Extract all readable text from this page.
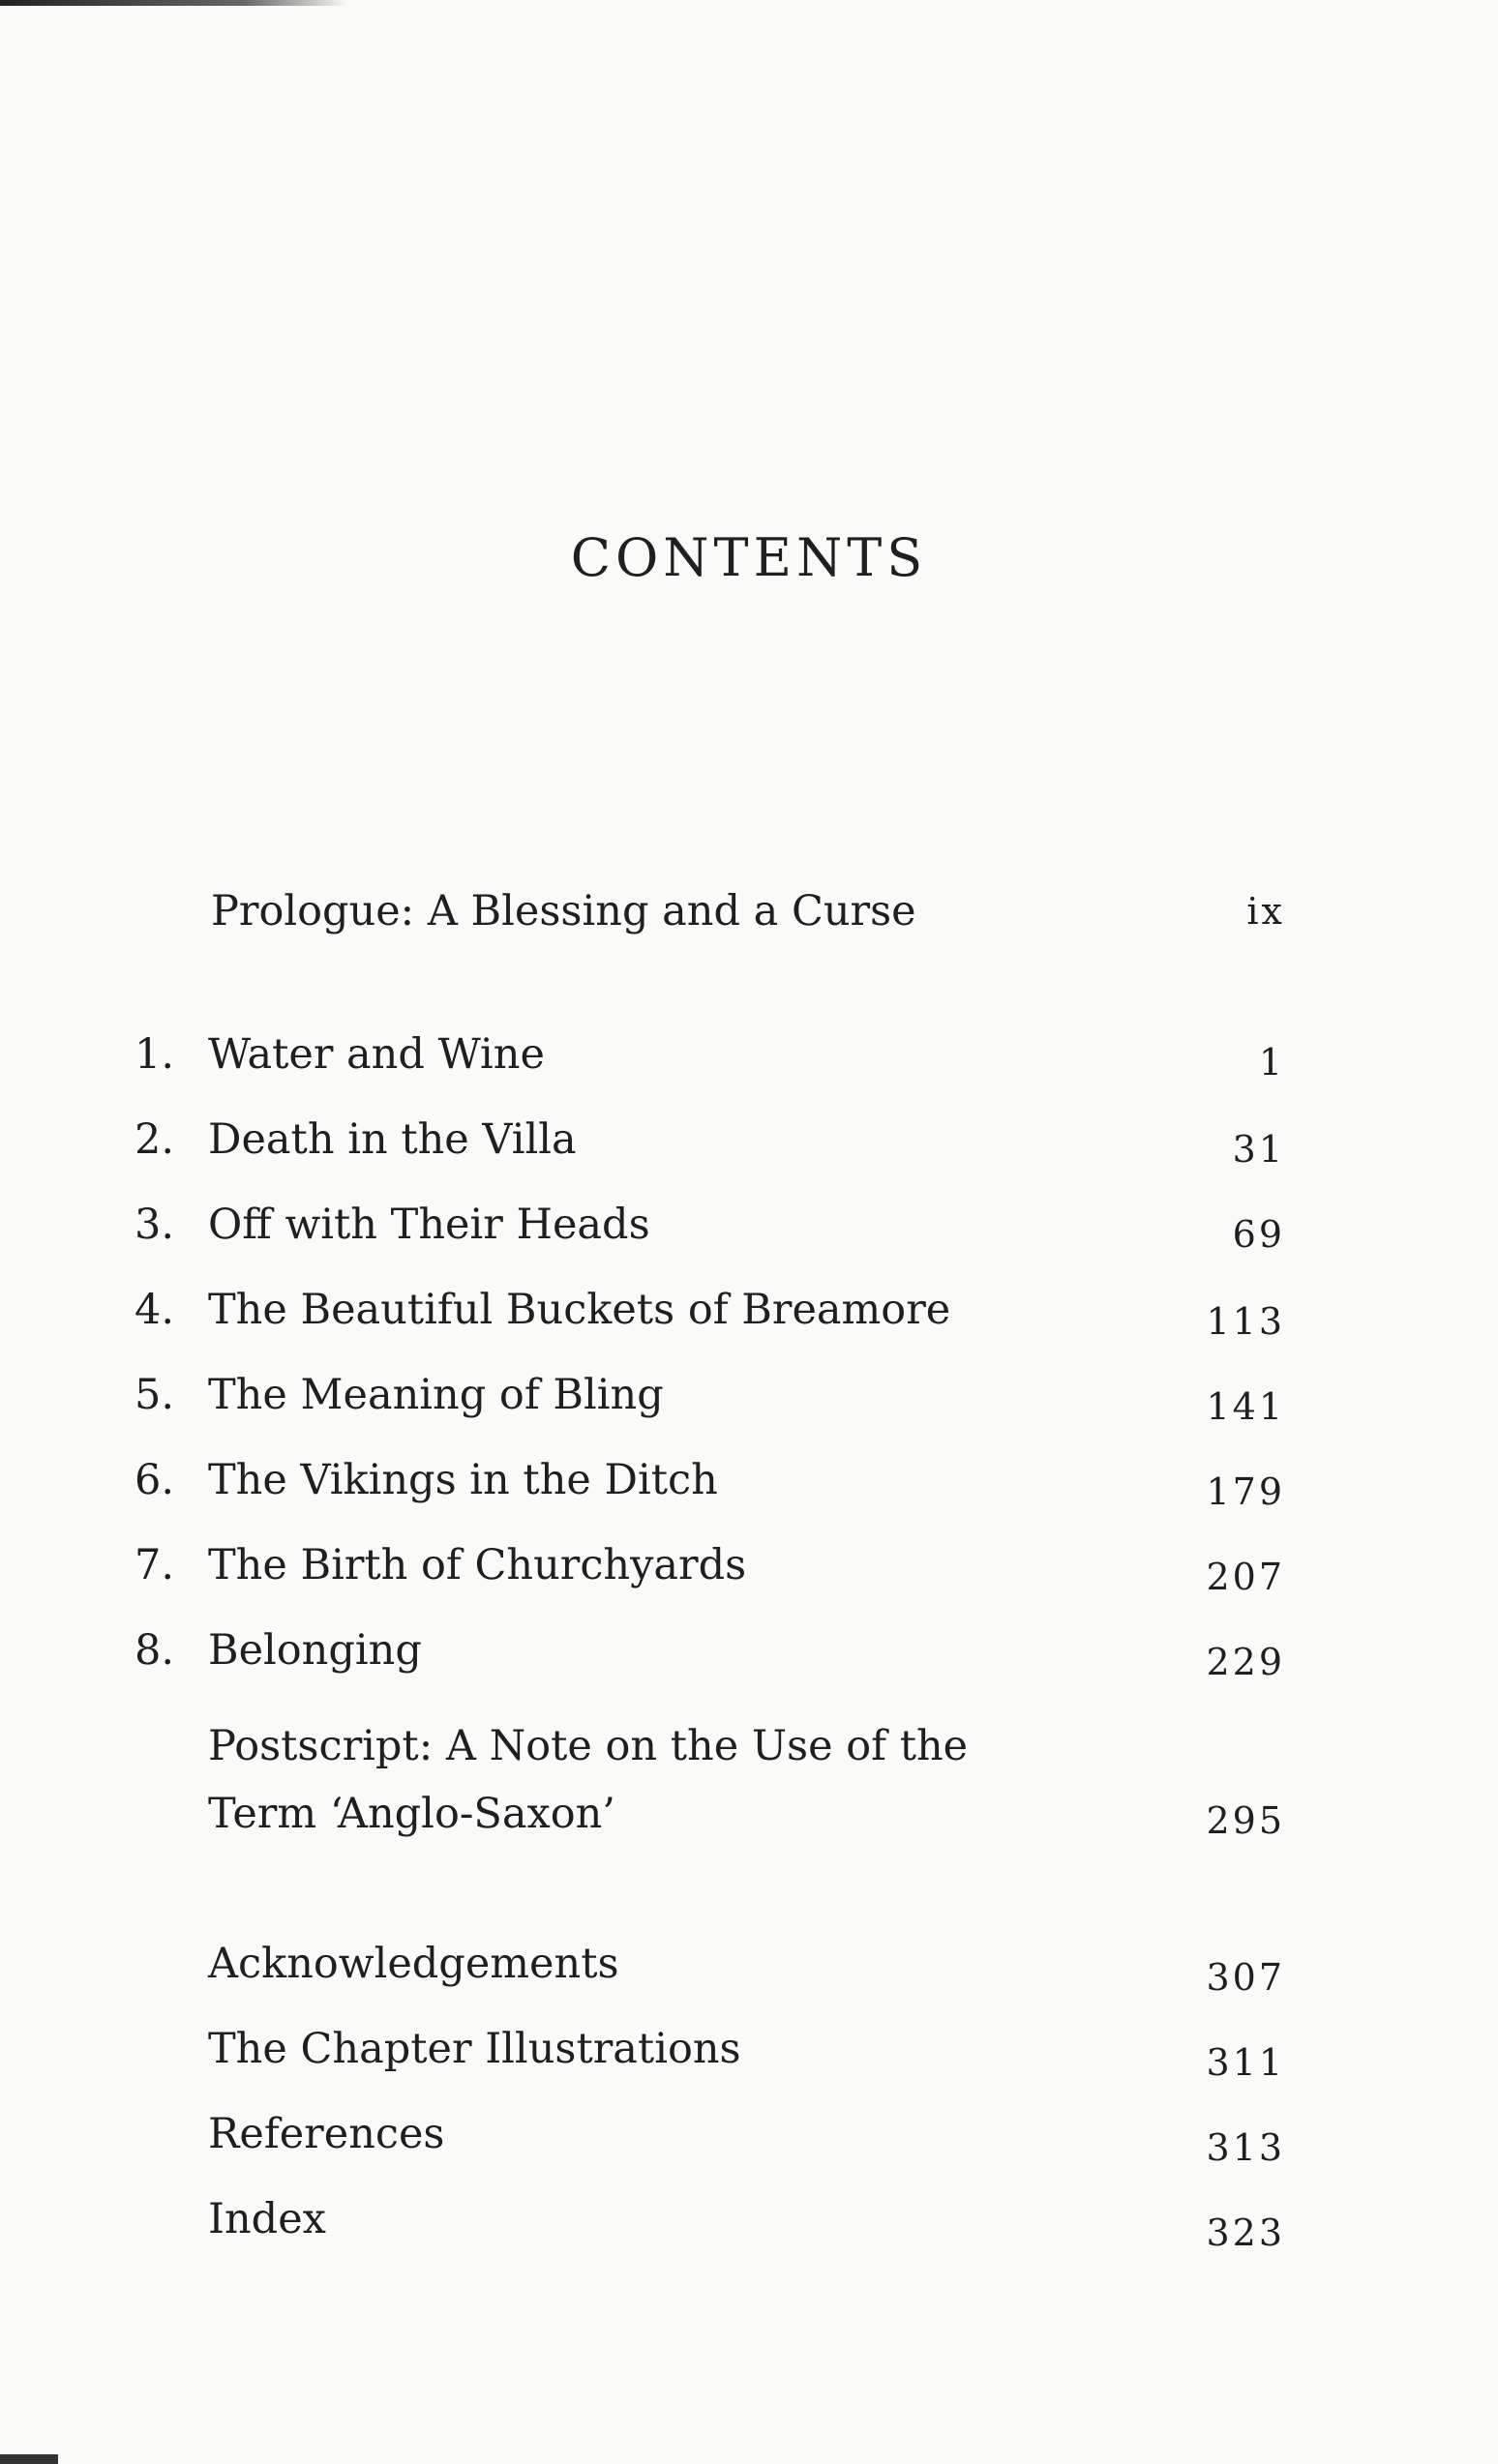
CONTENTS
Prologue: A Blessing and a Curse	ix
1. Water and Wine	1
2. Death in the Villa	31
3. Off with Their Heads	69
4. The Beautiful Buckets of Breamore	113
5. The Meaning of Bling	141
6. The Vikings in the Ditch	179
7. The Birth of Churchyards	207
8. Belonging	229
Postscript: A Note on the Use of the
Term ‘Anglo-Saxon’	295
Acknowledgements	307
The Chapter Illustrations	311
References	313
Index	323
